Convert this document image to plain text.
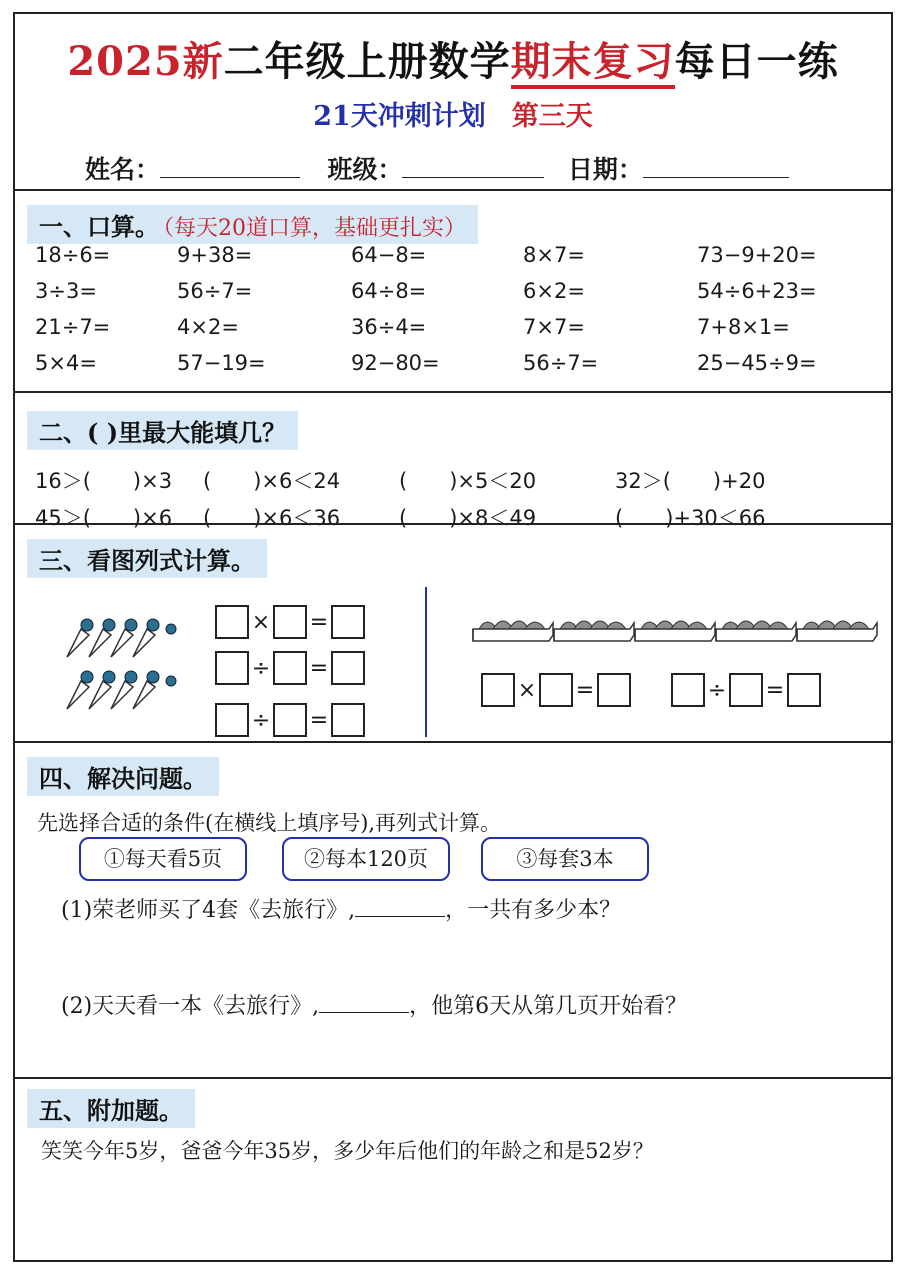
2025新二年级上册数学期末复习每日一练
21天冲刺计划 第三天
姓名：	班级：	日期：
一、口算。 （每天20道口算，基础更扎实）
18÷6=	9+38=	64−8=	8×7=	73−9+20=
3÷3=	56÷7=	64÷8=	6×2=	54÷6+23=
21÷7=	4×2=	36÷4=	7×7=	7+8×1=
5×4=	57−19=	92−80=	56÷7=	25−45÷9=
二、( )里最大能填几？
16＞(　　)×3 (　　)×6＜24	(　　)×5＜20	32＞(　　)+20
45＞(　　)×6 (　　)×6＜36	(　　)×8＜49	(　　)+30＜66
三、看图列式计算。
× =
÷ =
÷ =
× =	÷ =
四、解决问题。
先选择合适的条件(在横线上填序号),再列式计算。
①每天看5页	②每本120页	③每套3本
(1)荣老师买了4套《去旅行》,	，一共有多少本？
(2)天天看一本《去旅行》,	，他第6天从第几页开始看？
五、附加题。
笑笑今年5岁，爸爸今年35岁，多少年后他们的年龄之和是52岁？
